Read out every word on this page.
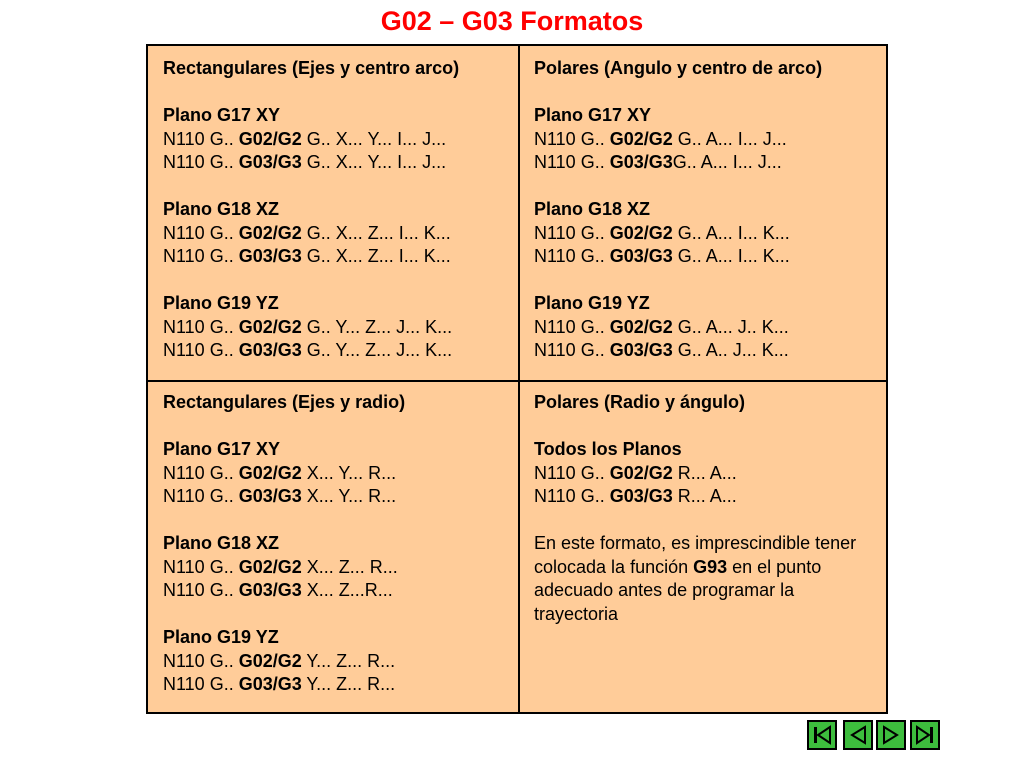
G02 – G03 Formatos
Rectangulares (Ejes y centro arco)
Plano G17 XY
N110 G.. G02/G2 G.. X... Y... I... J...
N110 G.. G03/G3 G.. X... Y... I... J...
Plano G18 XZ
N110 G.. G02/G2 G.. X... Z... I... K...
N110 G.. G03/G3 G.. X... Z... I... K...
Plano G19 YZ
N110 G.. G02/G2 G.. Y... Z... J... K...
N110 G.. G03/G3 G.. Y... Z... J... K...
Polares (Angulo y centro de arco)
Plano G17 XY
N110 G.. G02/G2 G.. A... I... J...
N110 G.. G03/G3G.. A... I... J...
Plano G18 XZ
N110 G.. G02/G2 G.. A... I... K...
N110 G.. G03/G3 G.. A... I... K...
Plano G19 YZ
N110 G.. G02/G2 G.. A... J.. K...
N110 G.. G03/G3 G.. A.. J... K...
Rectangulares (Ejes y radio)
Plano G17 XY
N110 G.. G02/G2 X... Y... R...
N110 G.. G03/G3 X... Y... R...
Plano G18 XZ
N110 G.. G02/G2 X... Z... R...
N110 G.. G03/G3 X... Z...R...
Plano G19 YZ
N110 G.. G02/G2 Y... Z... R...
N110 G.. G03/G3 Y... Z... R...
Polares (Radio y ángulo)
Todos los Planos
N110 G.. G02/G2 R... A...
N110 G.. G03/G3 R... A...
En este formato, es imprescindible tener colocada la función G93 en el punto adecuado antes de programar la trayectoria
